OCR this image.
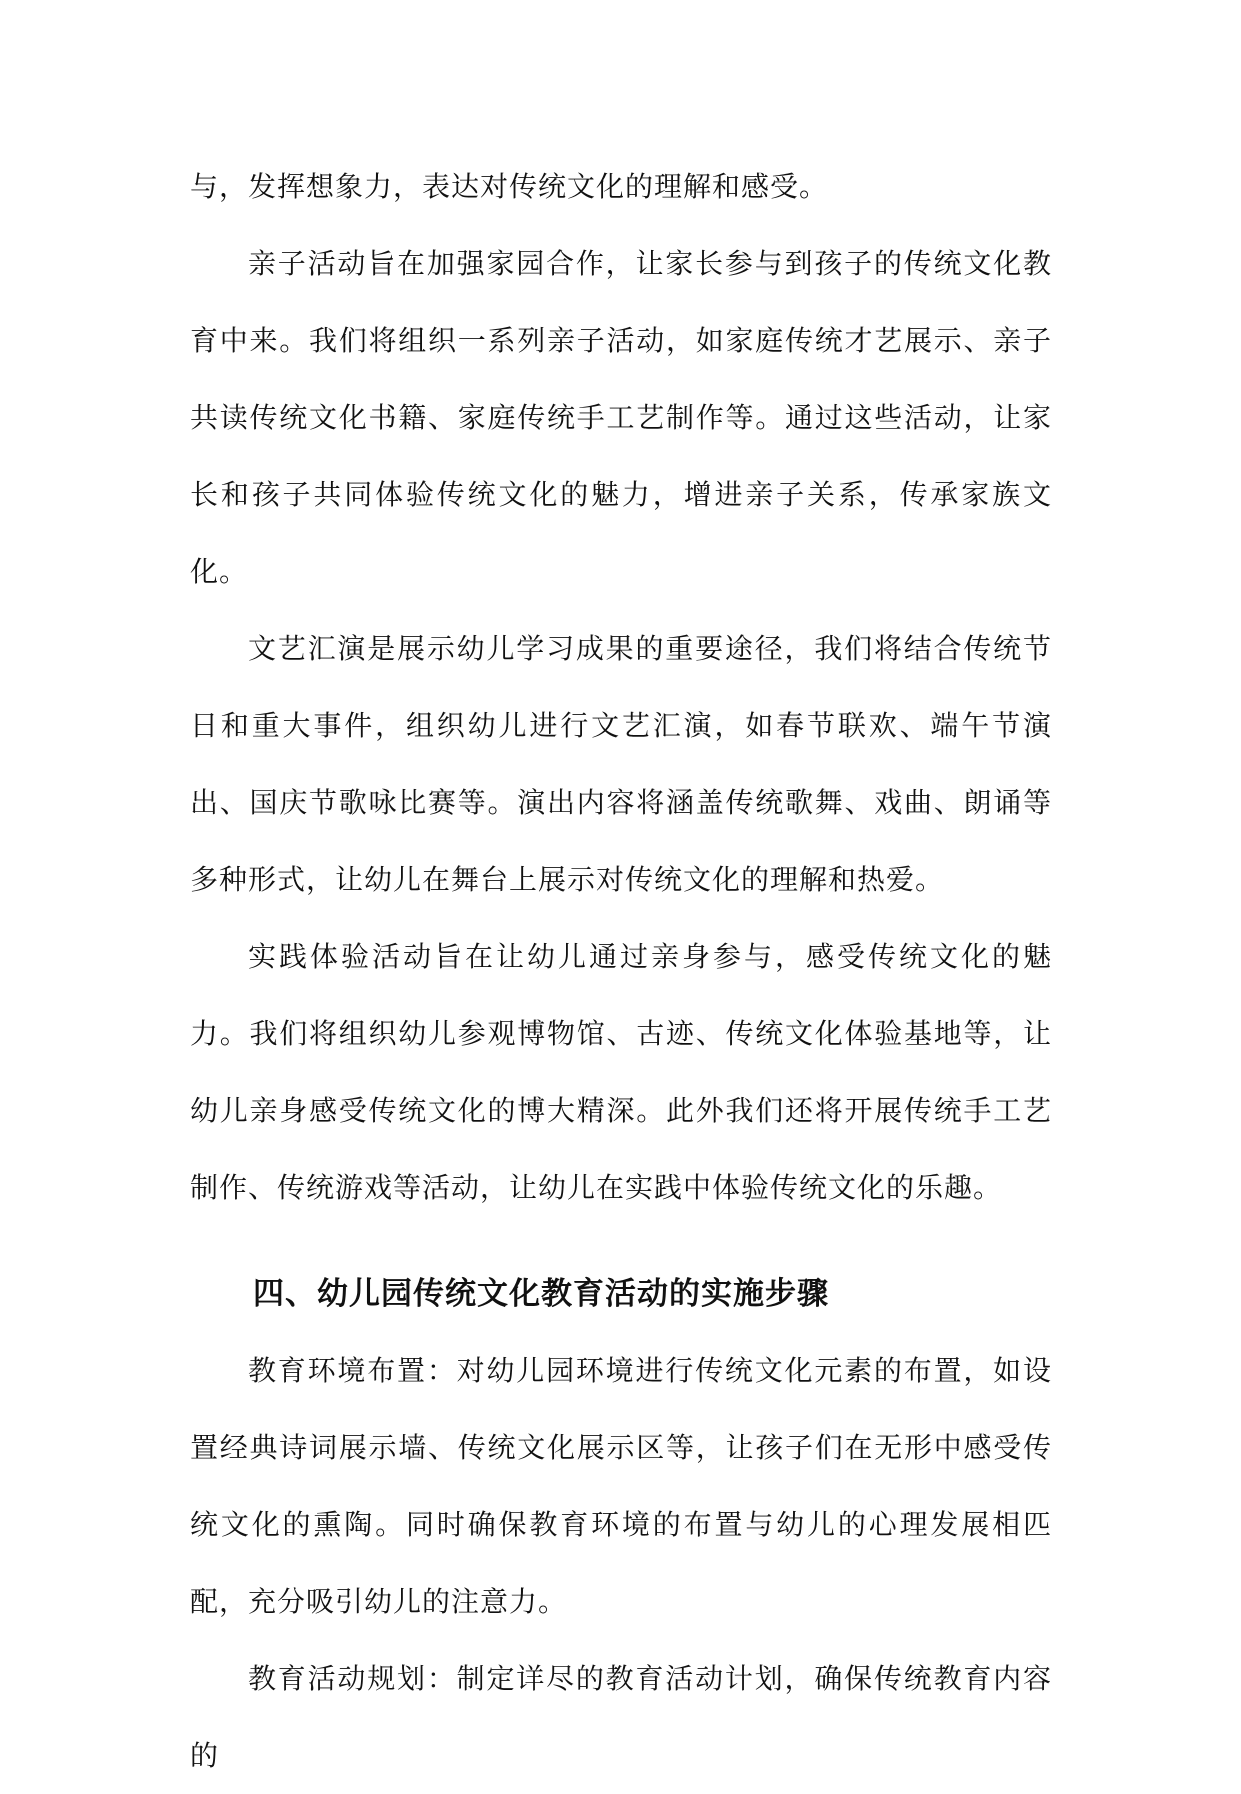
与，发挥想象力，表达对传统文化的理解和感受。

亲子活动旨在加强家园合作，让家长参与到孩子的传统文化教育中来。我们将组织一系列亲子活动，如家庭传统才艺展示、亲子共读传统文化书籍、家庭传统手工艺制作等。通过这些活动，让家长和孩子共同体验传统文化的魅力，增进亲子关系，传承家族文化。

文艺汇演是展示幼儿学习成果的重要途径，我们将结合传统节日和重大事件，组织幼儿进行文艺汇演，如春节联欢、端午节演出、国庆节歌咏比赛等。演出内容将涵盖传统歌舞、戏曲、朗诵等多种形式，让幼儿在舞台上展示对传统文化的理解和热爱。

实践体验活动旨在让幼儿通过亲身参与，感受传统文化的魅力。我们将组织幼儿参观博物馆、古迹、传统文化体验基地等，让幼儿亲身感受传统文化的博大精深。此外我们还将开展传统手工艺制作、传统游戏等活动，让幼儿在实践中体验传统文化的乐趣。

四、幼儿园传统文化教育活动的实施步骤

教育环境布置：对幼儿园环境进行传统文化元素的布置，如设置经典诗词展示墙、传统文化展示区等，让孩子们在无形中感受传统文化的熏陶。同时确保教育环境的布置与幼儿的心理发展相匹配，充分吸引幼儿的注意力。

教育活动规划：制定详尽的教育活动计划，确保传统教育内容的
